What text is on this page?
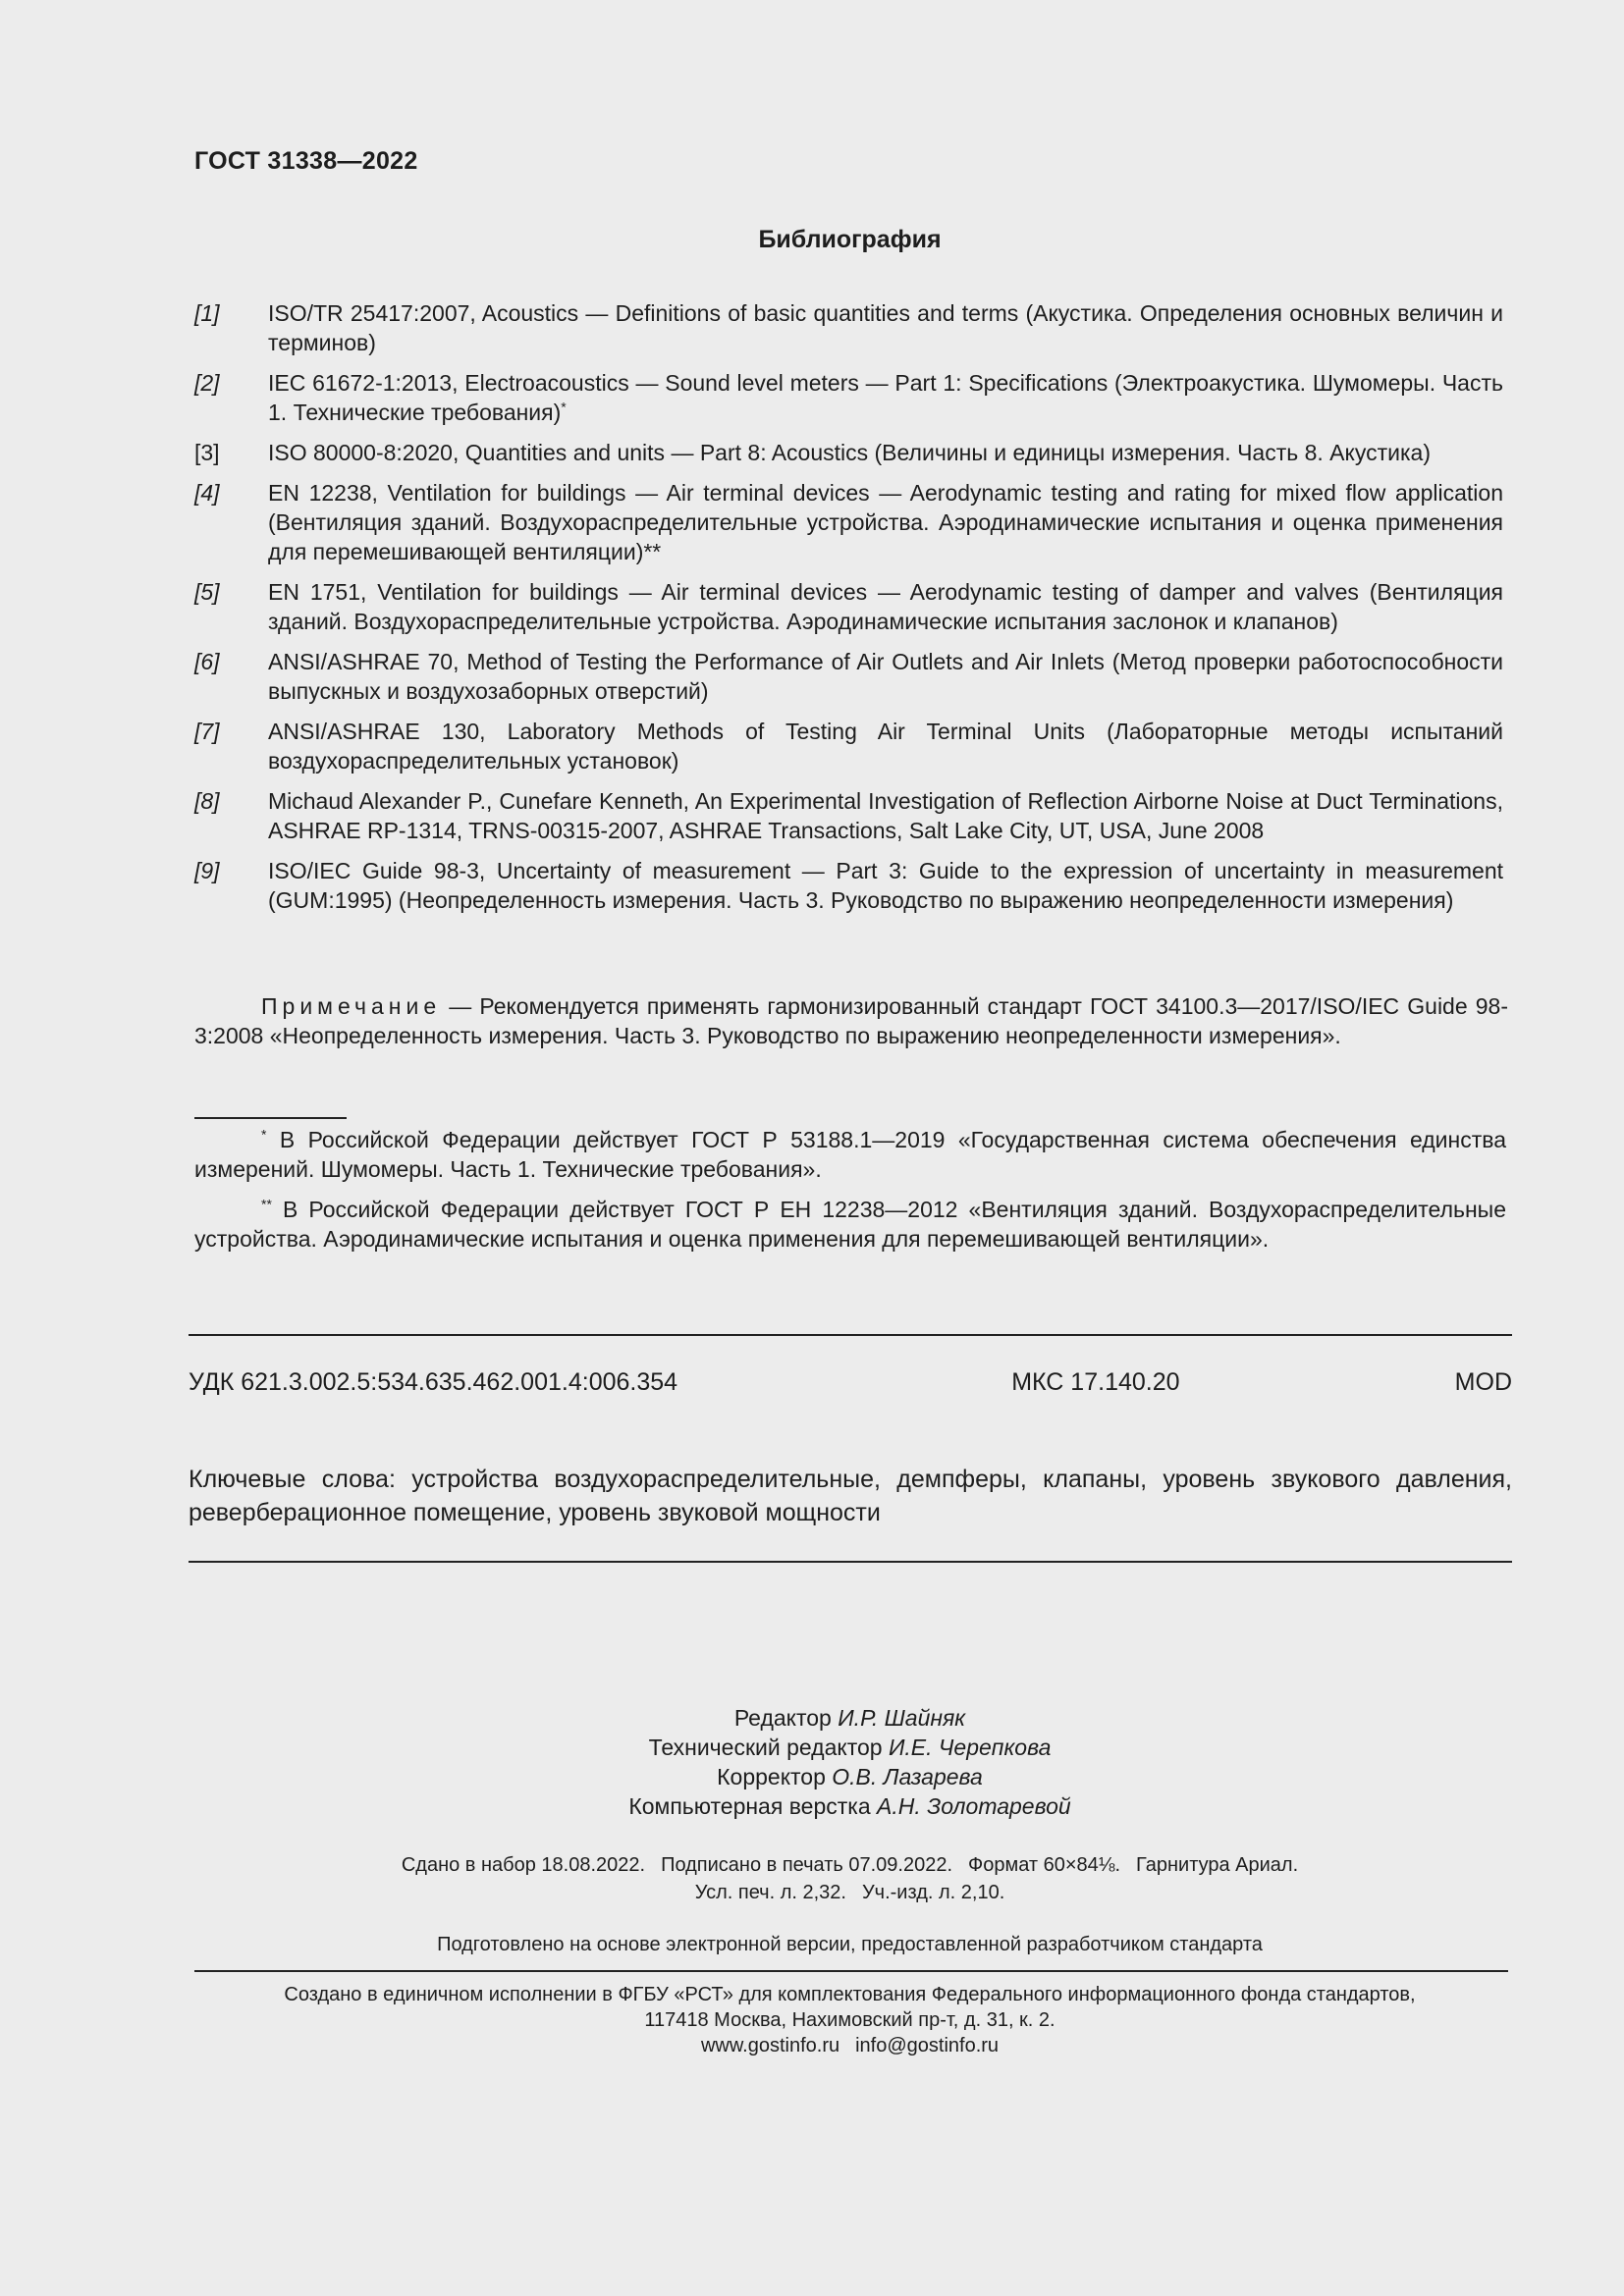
ГОСТ 31338—2022
Библиография
[1]	ISO/TR 25417:2007, Acoustics — Definitions of basic quantities and terms (Акустика. Определения основных величин и терминов)
[2]	IEC 61672-1:2013, Electroacoustics — Sound level meters — Part 1: Specifications (Электроакустика. Шумомеры. Часть 1. Технические требования)*
[3]	ISO 80000-8:2020, Quantities and units — Part 8: Acoustics (Величины и единицы измерения. Часть 8. Акустика)
[4]	EN 12238, Ventilation for buildings — Air terminal devices — Aerodynamic testing and rating for mixed flow application (Вентиляция зданий. Воздухораспределительные устройства. Аэродинамические испытания и оценка применения для перемешивающей вентиляции)**
[5]	EN 1751, Ventilation for buildings — Air terminal devices — Aerodynamic testing of damper and valves (Вентиляция зданий. Воздухораспределительные устройства. Аэродинамические испытания заслонок и клапанов)
[6]	ANSI/ASHRAE 70, Method of Testing the Performance of Air Outlets and Air Inlets (Метод проверки работоспособности выпускных и воздухозаборных отверстий)
[7]	ANSI/ASHRAE 130, Laboratory Methods of Testing Air Terminal Units (Лабораторные методы испытаний воздухораспределительных установок)
[8]	Michaud Alexander P., Cunefare Kenneth, An Experimental Investigation of Reflection Airborne Noise at Duct Terminations, ASHRAE RP-1314, TRNS-00315-2007, ASHRAE Transactions, Salt Lake City, UT, USA, June 2008
[9]	ISO/IEC Guide 98-3, Uncertainty of measurement — Part 3: Guide to the expression of uncertainty in measurement (GUM:1995) (Неопределенность измерения. Часть 3. Руководство по выражению неопределенности измерения)
Примечание — Рекомендуется применять гармонизированный стандарт ГОСТ 34100.3—2017/ISO/IEC Guide 98-3:2008 «Неопределенность измерения. Часть 3. Руководство по выражению неопределенности измерения».
* В Российской Федерации действует ГОСТ Р 53188.1—2019 «Государственная система обеспечения единства измерений. Шумомеры. Часть 1. Технические требования».
** В Российской Федерации действует ГОСТ Р ЕН 12238—2012 «Вентиляция зданий. Воздухораспределительные устройства. Аэродинамические испытания и оценка применения для перемешивающей вентиляции».
УДК 621.3.002.5:534.635.462.001.4:006.354	МКС 17.140.20	MOD
Ключевые слова: устройства воздухораспределительные, демпферы, клапаны, уровень звукового давления, реверберационное помещение, уровень звуковой мощности
Редактор И.Р. Шайняк
Технический редактор И.Е. Черепкова
Корректор О.В. Лазарева
Компьютерная верстка А.Н. Золотаревой
Сдано в набор 18.08.2022. Подписано в печать 07.09.2022. Формат 60×84⅛. Гарнитура Ариал.
Усл. печ. л. 2,32. Уч.-изд. л. 2,10.
Подготовлено на основе электронной версии, предоставленной разработчиком стандарта
Создано в единичном исполнении в ФГБУ «РСТ» для комплектования Федерального информационного фонда стандартов,
117418 Москва, Нахимовский пр-т, д. 31, к. 2.
www.gostinfo.ru info@gostinfo.ru
